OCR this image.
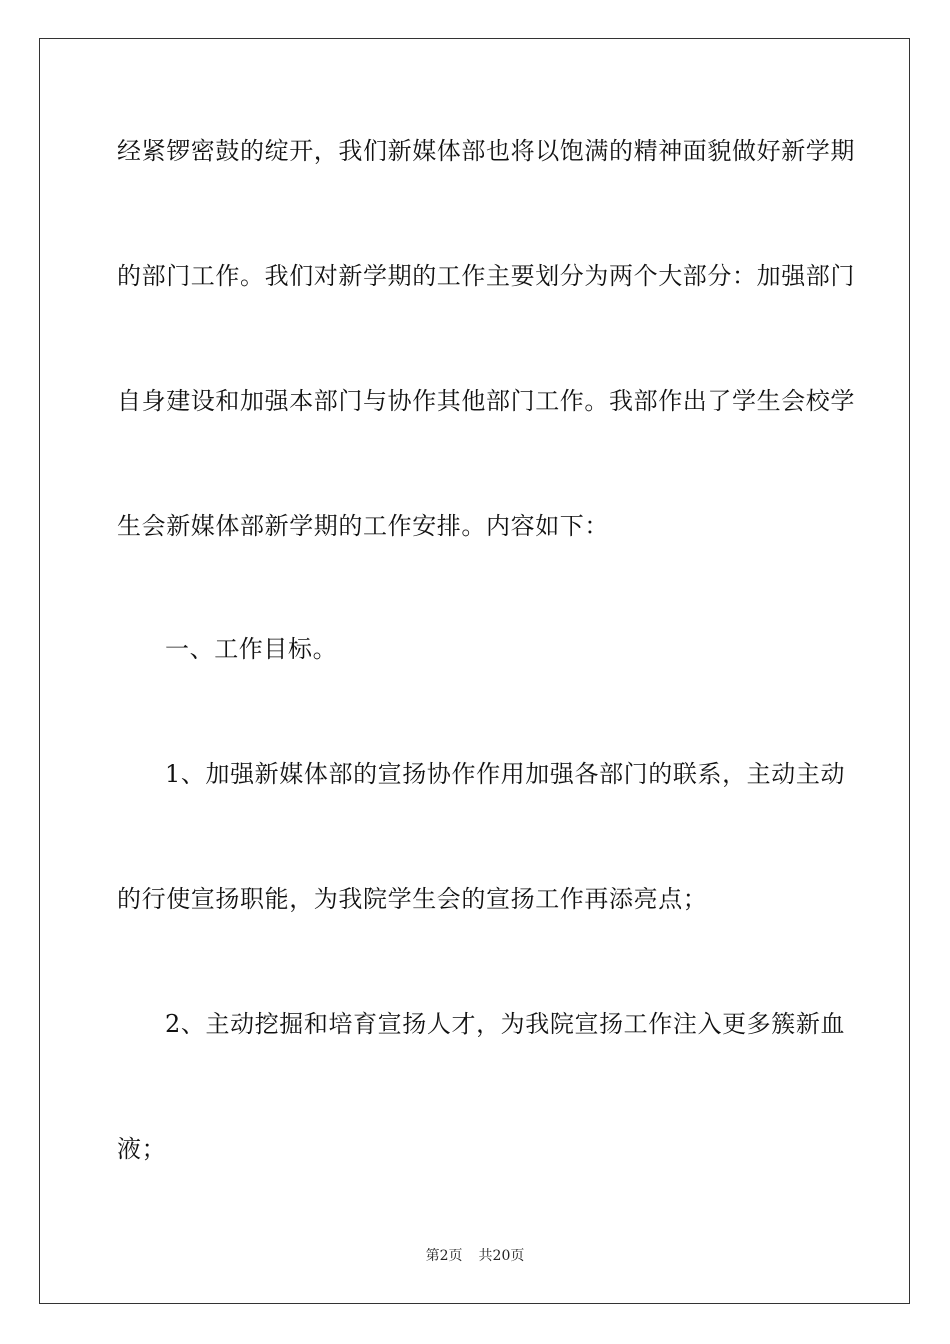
经紧锣密鼓的绽开，我们新媒体部也将以饱满的精神面貌做好新学期
的部门工作。我们对新学期的工作主要划分为两个大部分：加强部门
自身建设和加强本部门与协作其他部门工作。我部作出了学生会校学
生会新媒体部新学期的工作安排。内容如下：
一、工作目标。
1、加强新媒体部的宣扬协作作用加强各部门的联系，主动主动
的行使宣扬职能，为我院学生会的宣扬工作再添亮点；
2、主动挖掘和培育宣扬人才，为我院宣扬工作注入更多簇新血
液；
第2页 共20页
